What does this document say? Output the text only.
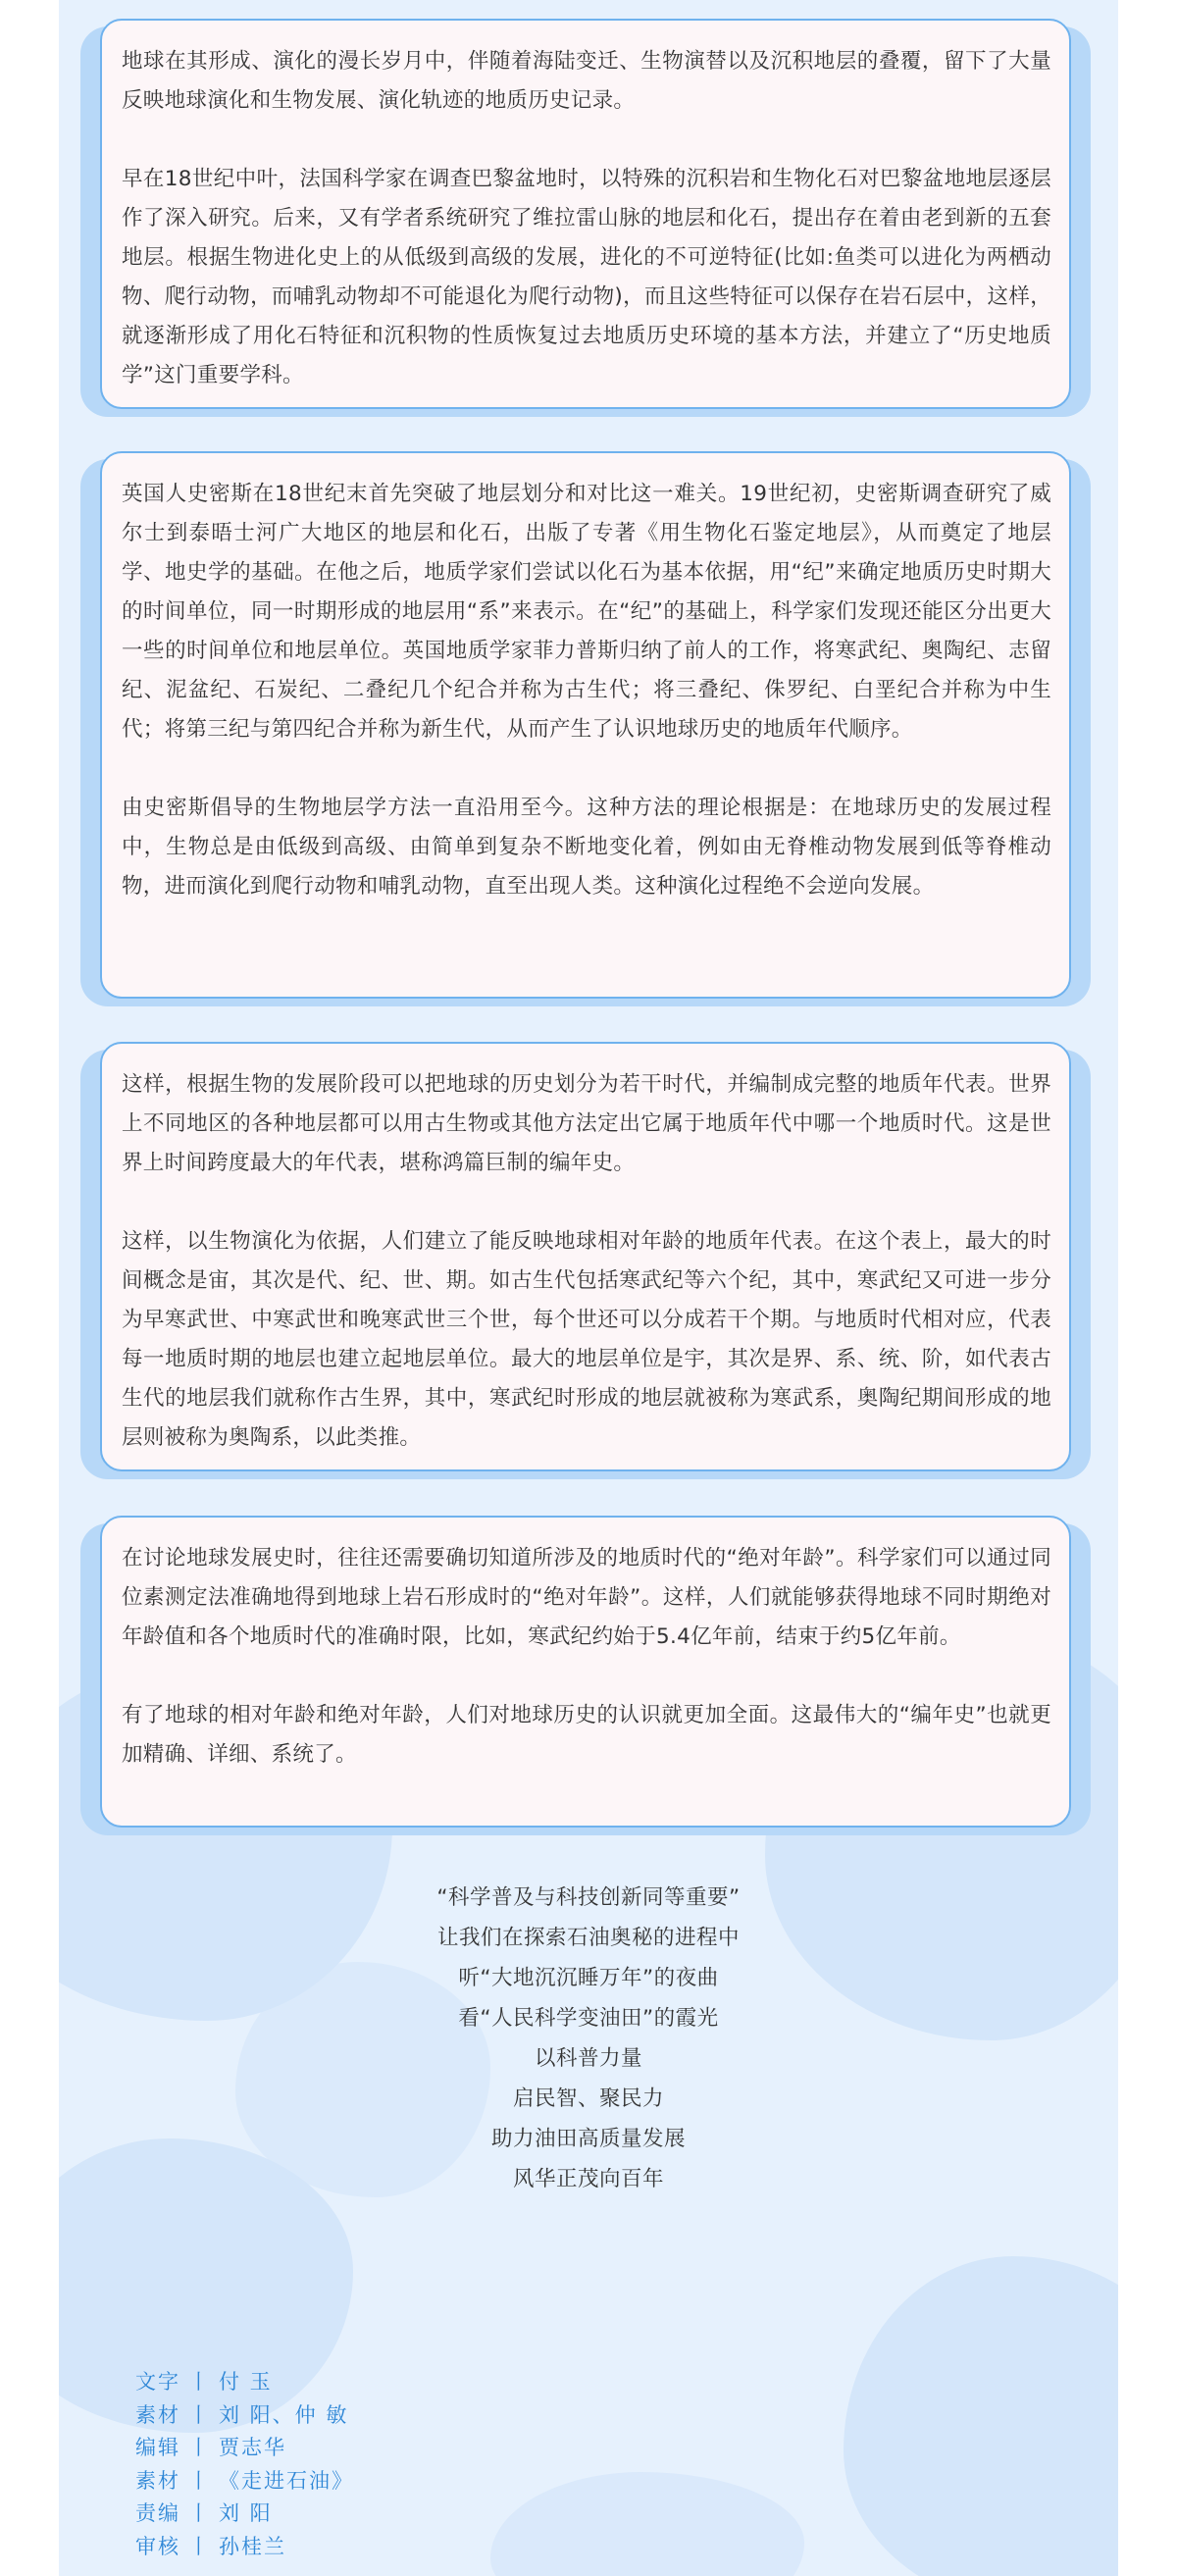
地球在其形成、演化的漫长岁月中，伴随着海陆变迁、生物演替以及沉积地层的叠覆，留下了大量反映地球演化和生物发展、演化轨迹的地质历史记录。

早在18世纪中叶，法国科学家在调查巴黎盆地时，以特殊的沉积岩和生物化石对巴黎盆地地层逐层作了深入研究。后来，又有学者系统研究了维拉雷山脉的地层和化石，提出存在着由老到新的五套地层。根据生物进化史上的从低级到高级的发展，进化的不可逆特征(比如:鱼类可以进化为两栖动物、爬行动物，而哺乳动物却不可能退化为爬行动物)，而且这些特征可以保存在岩石层中，这样，就逐渐形成了用化石特征和沉积物的性质恢复过去地质历史环境的基本方法，并建立了“历史地质学”这门重要学科。

英国人史密斯在18世纪末首先突破了地层划分和对比这一难关。19世纪初，史密斯调查研究了威尔士到泰晤士河广大地区的地层和化石，出版了专著《用生物化石鉴定地层》，从而奠定了地层学、地史学的基础。在他之后，地质学家们尝试以化石为基本依据，用“纪”来确定地质历史时期大的时间单位，同一时期形成的地层用“系”来表示。在“纪”的基础上，科学家们发现还能区分出更大一些的时间单位和地层单位。英国地质学家菲力普斯归纳了前人的工作，将寒武纪、奥陶纪、志留纪、泥盆纪、石炭纪、二叠纪几个纪合并称为古生代；将三叠纪、侏罗纪、白垩纪合并称为中生代；将第三纪与第四纪合并称为新生代，从而产生了认识地球历史的地质年代顺序。

由史密斯倡导的生物地层学方法一直沿用至今。这种方法的理论根据是：在地球历史的发展过程中，生物总是由低级到高级、由简单到复杂不断地变化着，例如由无脊椎动物发展到低等脊椎动物，进而演化到爬行动物和哺乳动物，直至出现人类。这种演化过程绝不会逆向发展。

这样，根据生物的发展阶段可以把地球的历史划分为若干时代，并编制成完整的地质年代表。世界上不同地区的各种地层都可以用古生物或其他方法定出它属于地质年代中哪一个地质时代。这是世界上时间跨度最大的年代表，堪称鸿篇巨制的编年史。

这样，以生物演化为依据，人们建立了能反映地球相对年龄的地质年代表。在这个表上，最大的时间概念是宙，其次是代、纪、世、期。如古生代包括寒武纪等六个纪，其中，寒武纪又可进一步分为早寒武世、中寒武世和晚寒武世三个世，每个世还可以分成若干个期。与地质时代相对应，代表每一地质时期的地层也建立起地层单位。最大的地层单位是宇，其次是界、系、统、阶，如代表古生代的地层我们就称作古生界，其中，寒武纪时形成的地层就被称为寒武系，奥陶纪期间形成的地层则被称为奥陶系，以此类推。

在讨论地球发展史时，往往还需要确切知道所涉及的地质时代的“绝对年龄”。科学家们可以通过同位素测定法准确地得到地球上岩石形成时的“绝对年龄”。这样，人们就能够获得地球不同时期绝对年龄值和各个地质时代的准确时限，比如，寒武纪约始于5.4亿年前，结束于约5亿年前。

有了地球的相对年龄和绝对年龄，人们对地球历史的认识就更加全面。这最伟大的“编年史”也就更加精确、详细、系统了。

“科学普及与科技创新同等重要”
让我们在探索石油奥秘的进程中
听“大地沉沉睡万年”的夜曲
看“人民科学变油田”的霞光
以科普力量
启民智、聚民力
助力油田高质量发展
风华正茂向百年
文字 丨 付 玉
素材 丨 刘 阳、仲 敏
编辑 丨 贾志华
素材 丨 《走进石油》
责编 丨 刘 阳
审核 丨 孙桂兰
